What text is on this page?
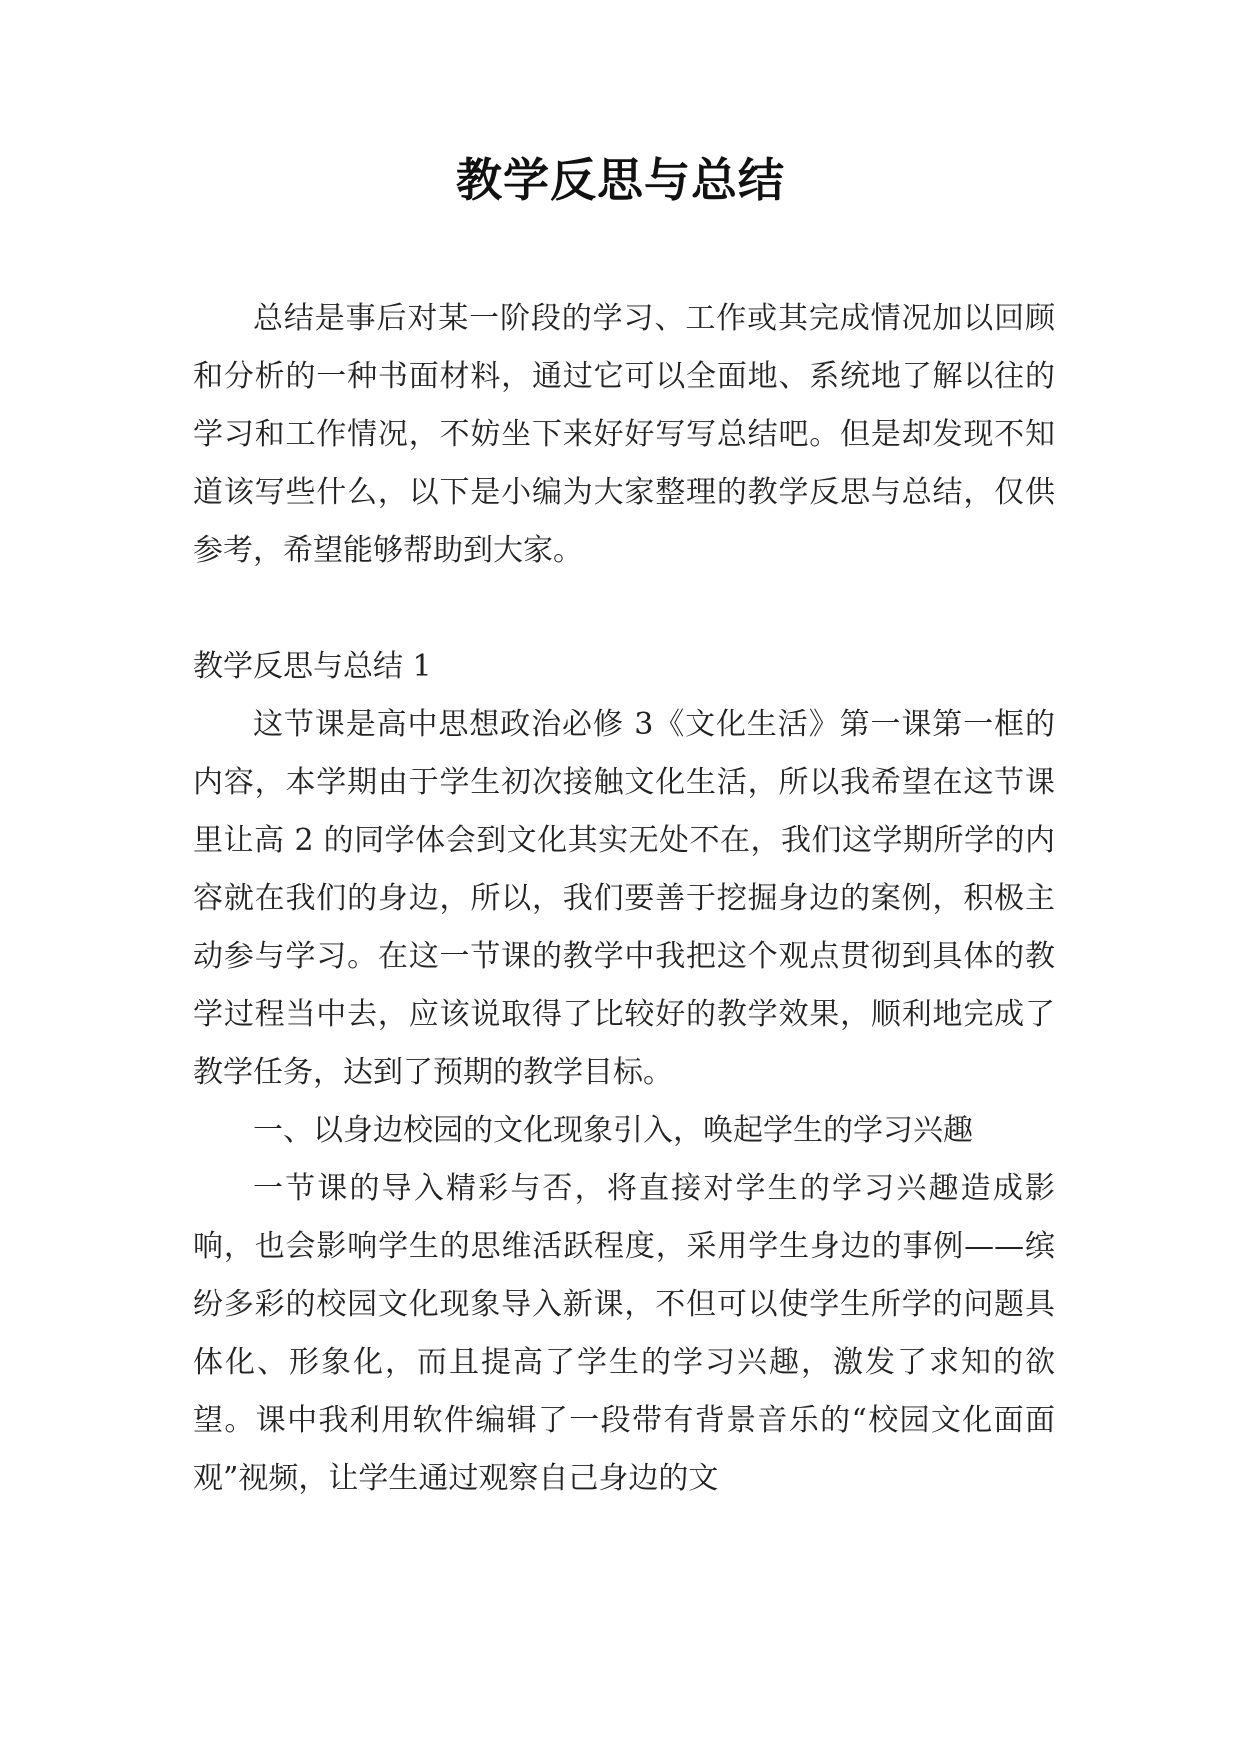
教学反思与总结

总结是事后对某一阶段的学习、工作或其完成情况加以回顾和分析的一种书面材料，通过它可以全面地、系统地了解以往的学习和工作情况，不妨坐下来好好写写总结吧。但是却发现不知道该写些什么，以下是小编为大家整理的教学反思与总结，仅供参考，希望能够帮助到大家。

教学反思与总结 1

这节课是高中思想政治必修 3《文化生活》第一课第一框的内容，本学期由于学生初次接触文化生活，所以我希望在这节课里让高 2 的同学体会到文化其实无处不在，我们这学期所学的内容就在我们的身边，所以，我们要善于挖掘身边的案例，积极主动参与学习。在这一节课的教学中我把这个观点贯彻到具体的教学过程当中去，应该说取得了比较好的教学效果，顺利地完成了教学任务，达到了预期的教学目标。

一、以身边校园的文化现象引入，唤起学生的学习兴趣

一节课的导入精彩与否，将直接对学生的学习兴趣造成影响，也会影响学生的思维活跃程度，采用学生身边的事例——缤纷多彩的校园文化现象导入新课，不但可以使学生所学的问题具体化、形象化，而且提高了学生的学习兴趣，激发了求知的欲望。课中我利用软件编辑了一段带有背景音乐的“校园文化面面观”视频，让学生通过观察自己身边的文
